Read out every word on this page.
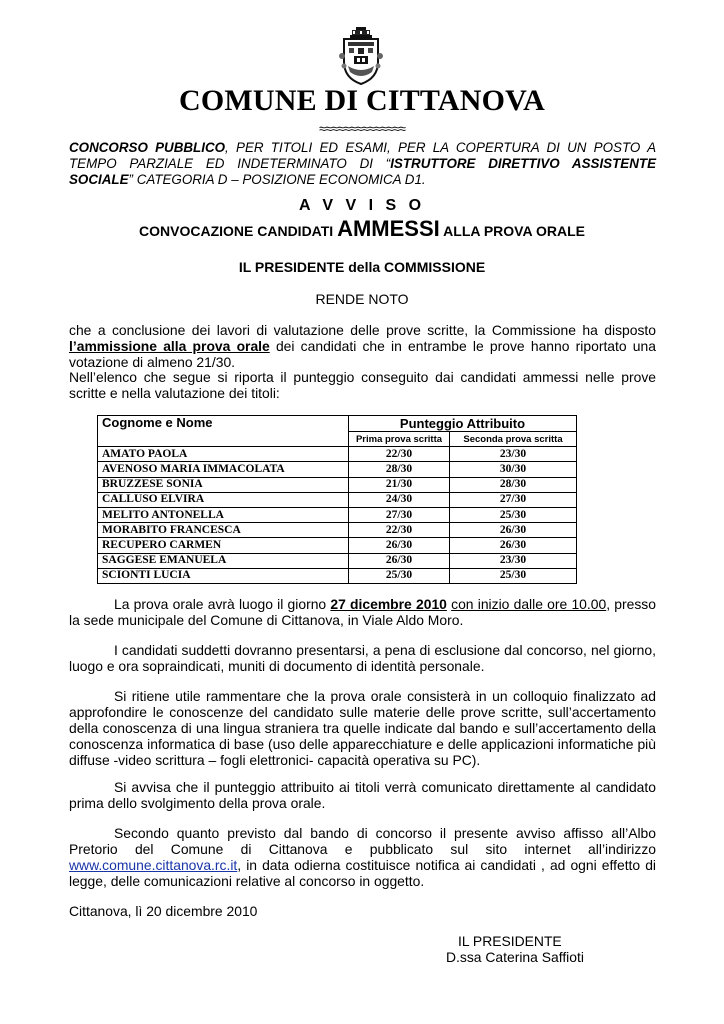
COMUNE DI CITTANOVA
≈≈≈≈≈≈≈≈≈≈≈≈≈≈
CONCORSO PUBBLICO, PER TITOLI ED ESAMI, PER LA COPERTURA DI UN POSTO A TEMPO PARZIALE ED INDETERMINATO DI “ISTRUTTORE DIRETTIVO ASSISTENTE SOCIALE” CATEGORIA D – POSIZIONE ECONOMICA D1.
A V V I S O
CONVOCAZIONE CANDIDATI AMMESSI ALLA PROVA ORALE
IL PRESIDENTE della COMMISSIONE
RENDE NOTO
che a conclusione dei lavori di valutazione delle prove scritte, la Commissione ha disposto l’ammissione alla prova orale dei candidati che in entrambe le prove hanno riportato una votazione di almeno 21/30.
Nell’elenco che segue si riporta il punteggio conseguito dai candidati ammessi nelle prove scritte e nella valutazione dei titoli:
Cognome e Nome	Punteggio Attribuito	
	Prima prova scritta	Seconda prova scritta
AMATO PAOLA	22/30	23/30
AVENOSO MARIA IMMACOLATA	28/30	30/30
BRUZZESE SONIA	21/30	28/30
CALLUSO ELVIRA	24/30	27/30
MELITO ANTONELLA	27/30	25/30
MORABITO FRANCESCA	22/30	26/30
RECUPERO CARMEN	26/30	26/30
SAGGESE EMANUELA	26/30	23/30
SCIONTI LUCIA	25/30	25/30
La prova orale avrà luogo il giorno 27 dicembre 2010 con inizio dalle ore 10.00, presso la sede municipale del Comune di Cittanova, in Viale Aldo Moro.
I candidati suddetti dovranno presentarsi, a pena di esclusione dal concorso, nel giorno, luogo e ora sopraindicati, muniti di documento di identità personale.
Si ritiene utile rammentare che la prova orale consisterà in un colloquio finalizzato ad approfondire le conoscenze del candidato sulle materie delle prove scritte, sull’accertamento della conoscenza di una lingua straniera tra quelle indicate dal bando e sull’accertamento della conoscenza informatica di base (uso delle apparecchiature e delle applicazioni informatiche più diffuse -video scrittura – fogli elettronici- capacità operativa su PC).
Si avvisa che il punteggio attribuito ai titoli verrà comunicato direttamente al candidato prima dello svolgimento della prova orale.
Secondo quanto previsto dal bando di concorso il presente avviso affisso all’Albo Pretorio del Comune di Cittanova e pubblicato sul sito internet all’indirizzo www.comune.cittanova.rc.it, in data odierna costituisce notifica ai candidati , ad ogni effetto di legge, delle comunicazioni relative al concorso in oggetto.
Cittanova, lì 20 dicembre 2010
IL PRESIDENTE
D.ssa Caterina Saffioti
